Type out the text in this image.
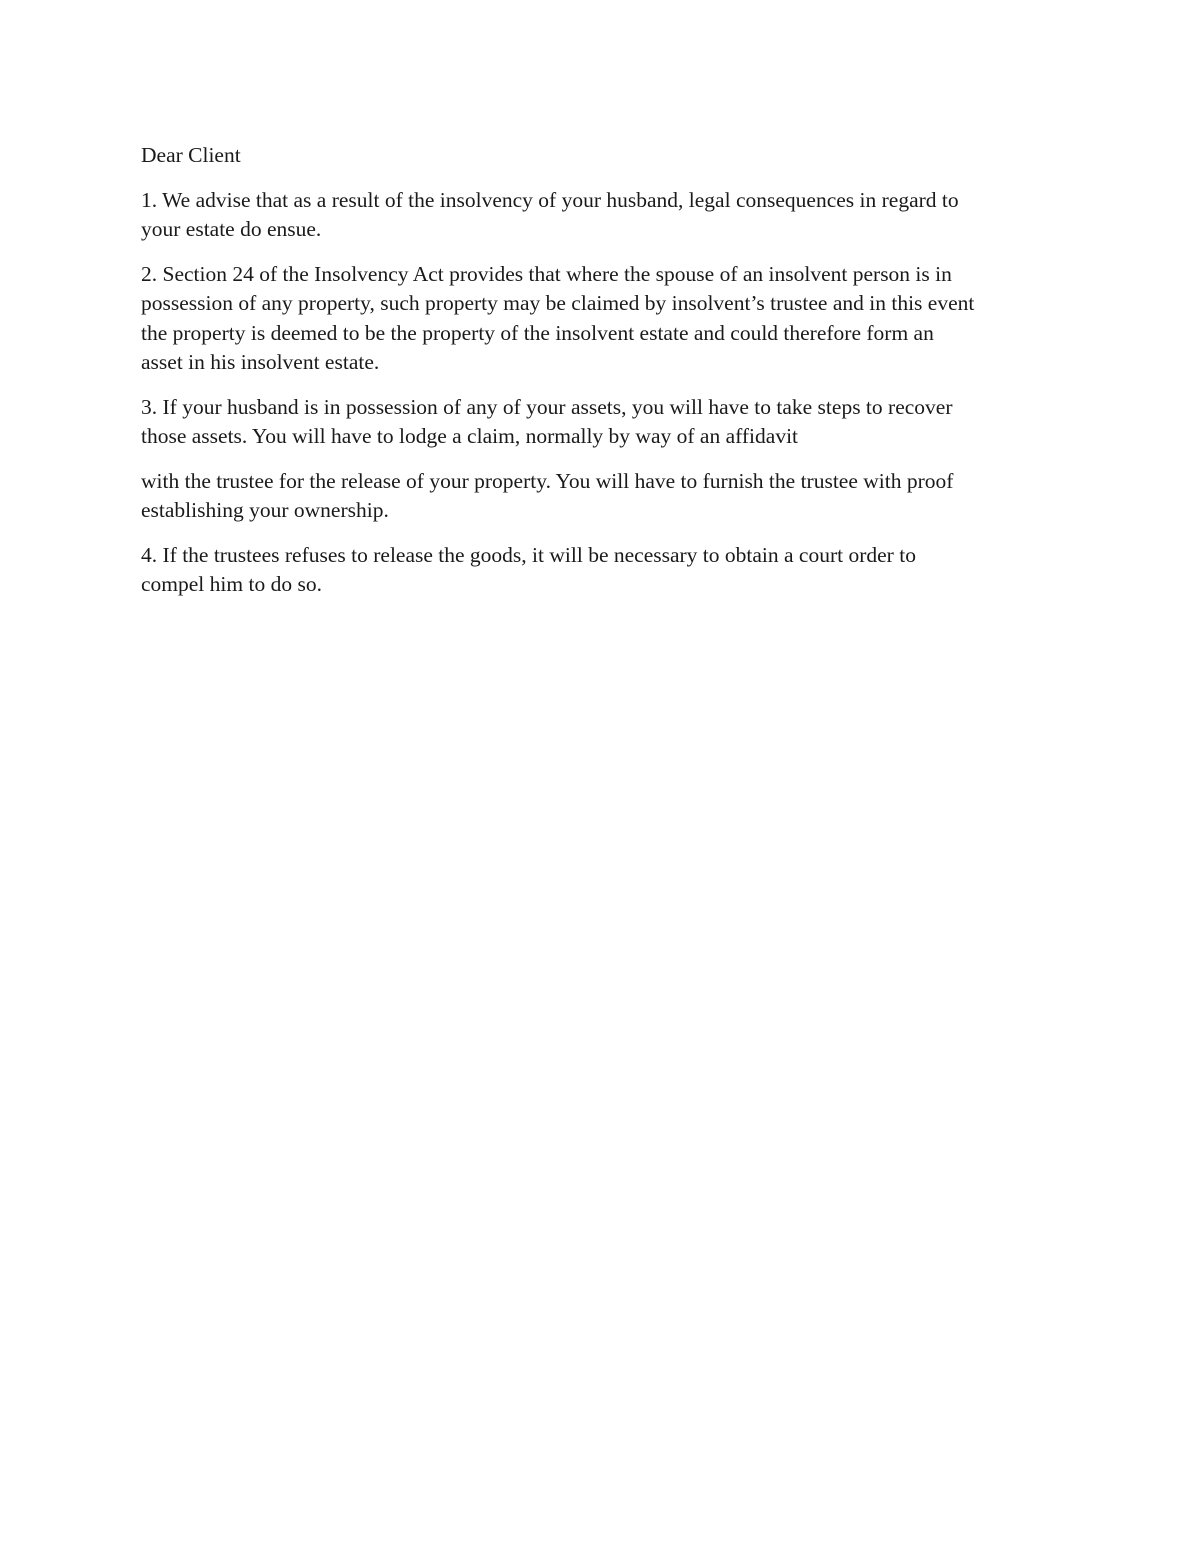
Dear Client

1. We advise that as a result of the insolvency of your husband, legal consequences in regard to
your estate do ensue.

2. Section 24 of the Insolvency Act provides that where the spouse of an insolvent person is in
possession of any property, such property may be claimed by insolvent’s trustee and in this event
the property is deemed to be the property of the insolvent estate and could therefore form an
asset in his insolvent estate.

3. If your husband is in possession of any of your assets, you will have to take steps to recover
those assets. You will have to lodge a claim, normally by way of an affidavit

with the trustee for the release of your property. You will have to furnish the trustee with proof
establishing your ownership.

4. If the trustees refuses to release the goods, it will be necessary to obtain a court order to
compel him to do so.
